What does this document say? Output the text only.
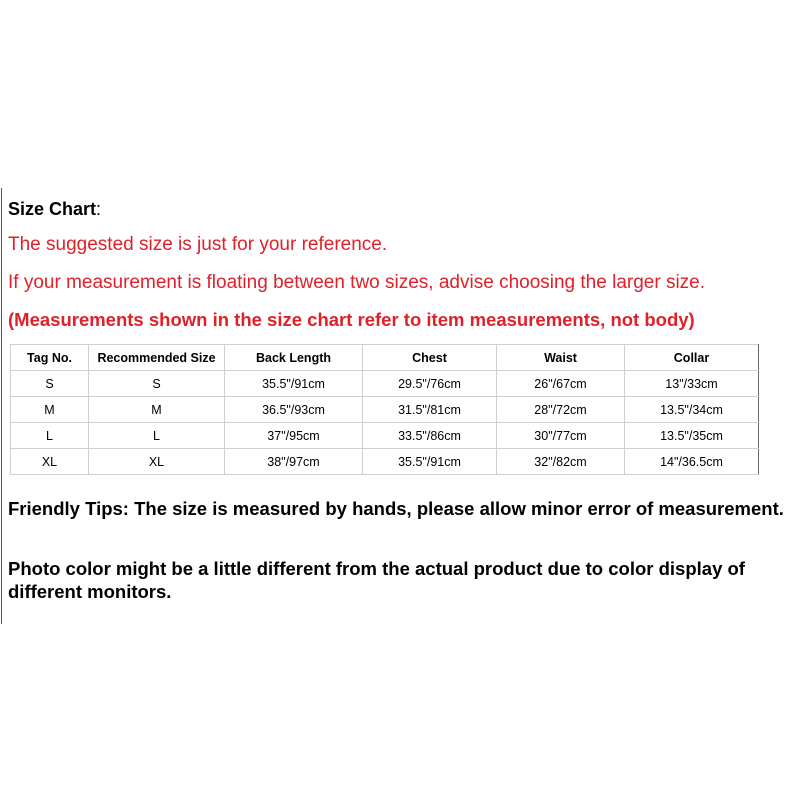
Size Chart:
The suggested size is just for your reference.
If your measurement is floating between two sizes, advise choosing the larger size.
(Measurements shown in the size chart refer to item measurements, not body)
Tag No.	Recommended Size	Back Length	Chest	Waist	Collar
S	S	35.5"/91cm	29.5"/76cm	26"/67cm	13"/33cm
M	M	36.5"/93cm	31.5"/81cm	28"/72cm	13.5"/34cm
L	L	37"/95cm	33.5"/86cm	30"/77cm	13.5"/35cm
XL	XL	38"/97cm	35.5"/91cm	32"/82cm	14"/36.5cm
Friendly Tips: The size is measured by hands, please allow minor error of measurement.
Photo color might be a little different from the actual product due to color display of different monitors.
